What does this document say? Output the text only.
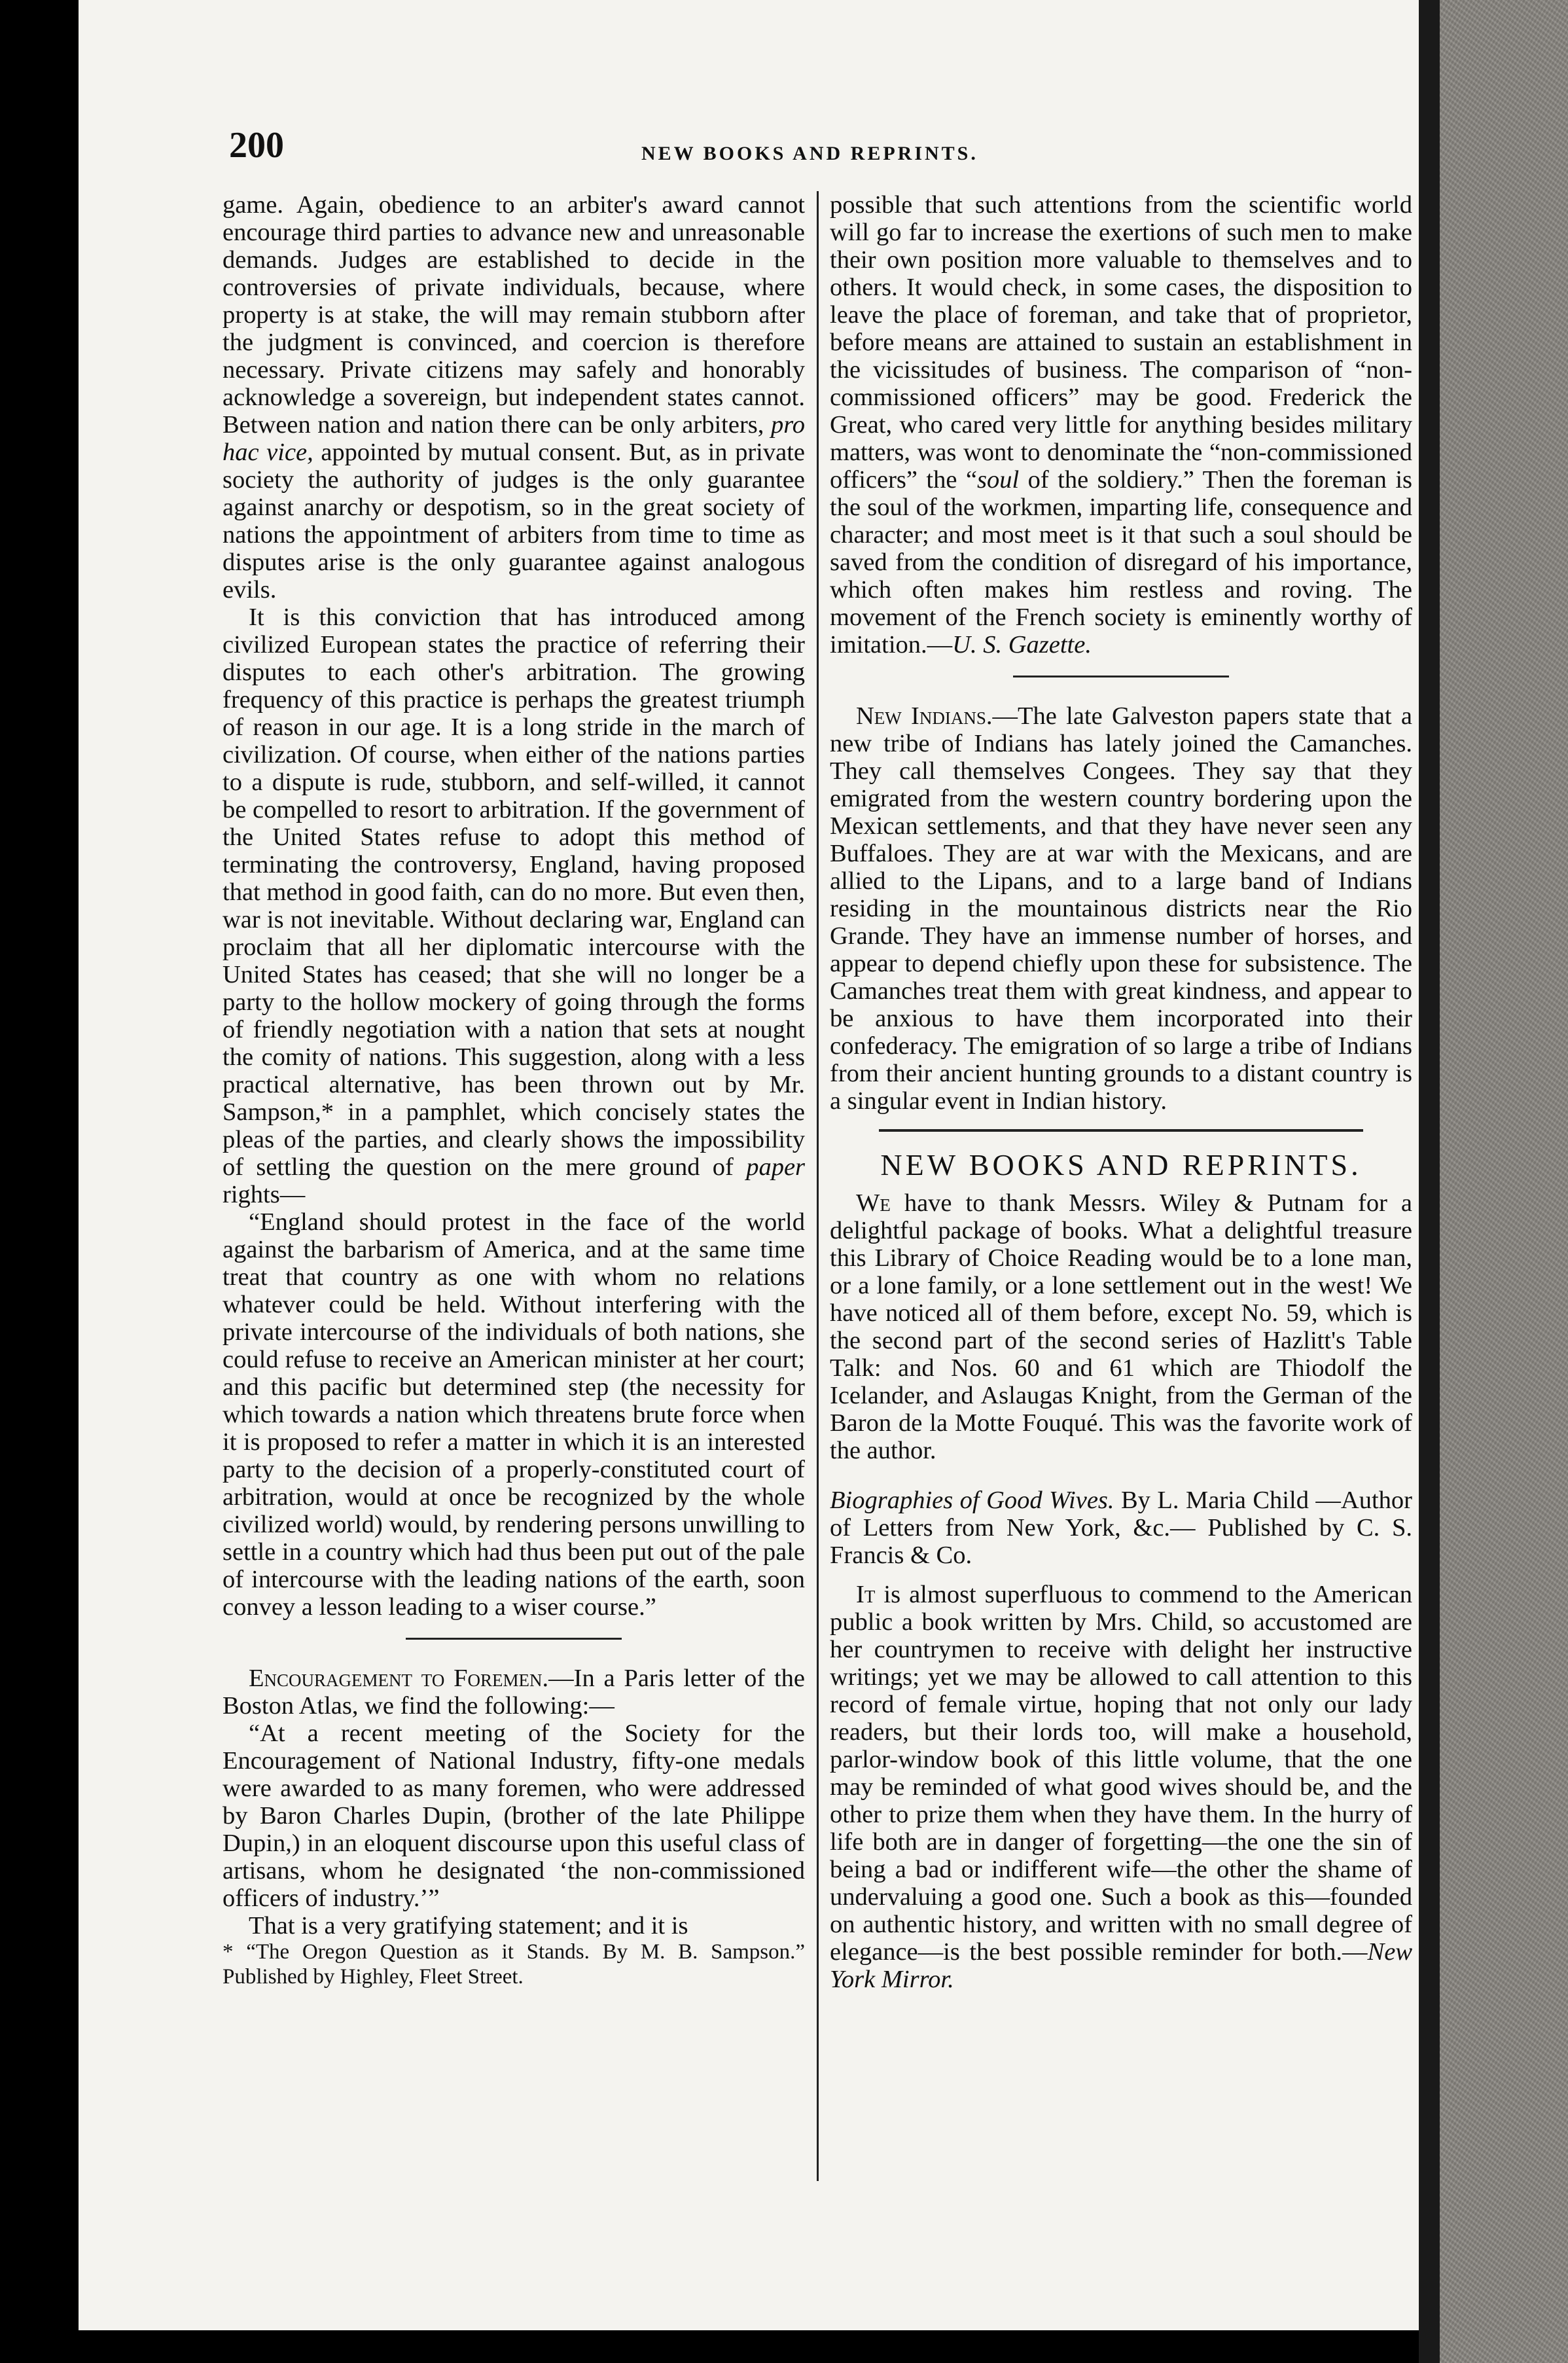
200	NEW BOOKS AND REPRINTS.

game. Again, obedience to an arbiter's award cannot encourage third parties to advance new and unreasonable demands. Judges are established to decide in the controversies of private individuals, because, where property is at stake, the will may remain stubborn after the judgment is convinced, and coercion is therefore necessary. Private citizens may safely and honorably acknowledge a sovereign, but independent states cannot. Between nation and nation there can be only arbiters, pro hac vice, appointed by mutual consent. But, as in private society the authority of judges is the only guarantee against anarchy or despotism, so in the great society of nations the appointment of arbiters from time to time as disputes arise is the only guarantee against analogous evils.

It is this conviction that has introduced among civilized European states the practice of referring their disputes to each other's arbitration. The growing frequency of this practice is perhaps the greatest triumph of reason in our age. It is a long stride in the march of civilization. Of course, when either of the nations parties to a dispute is rude, stubborn, and self-willed, it cannot be compelled to resort to arbitration. If the government of the United States refuse to adopt this method of terminating the controversy, England, having proposed that method in good faith, can do no more. But even then, war is not inevitable. Without declaring war, England can proclaim that all her diplomatic intercourse with the United States has ceased; that she will no longer be a party to the hollow mockery of going through the forms of friendly negotiation with a nation that sets at nought the comity of nations. This suggestion, along with a less practical alternative, has been thrown out by Mr. Sampson,* in a pamphlet, which concisely states the pleas of the parties, and clearly shows the impossibility of settling the question on the mere ground of paper rights—

“England should protest in the face of the world against the barbarism of America, and at the same time treat that country as one with whom no relations whatever could be held. Without interfering with the private intercourse of the individuals of both nations, she could refuse to receive an American minister at her court; and this pacific but determined step (the necessity for which towards a nation which threatens brute force when it is proposed to refer a matter in which it is an interested party to the decision of a properly-constituted court of arbitration, would at once be recognized by the whole civilized world) would, by rendering persons unwilling to settle in a country which had thus been put out of the pale of intercourse with the leading nations of the earth, soon convey a lesson leading to a wiser course.”

Encouragement to Foremen.—In a Paris letter of the Boston Atlas, we find the following:—

“At a recent meeting of the Society for the Encouragement of National Industry, fifty-one medals were awarded to as many foremen, who were addressed by Baron Charles Dupin, (brother of the late Philippe Dupin,) in an eloquent discourse upon this useful class of artisans, whom he designated ‘the non-commissioned officers of industry.’”

That is a very gratifying statement; and it is

* “The Oregon Question as it Stands. By M. B. Sampson.” Published by Highley, Fleet Street.

possible that such attentions from the scientific world will go far to increase the exertions of such men to make their own position more valuable to themselves and to others. It would check, in some cases, the disposition to leave the place of foreman, and take that of proprietor, before means are attained to sustain an establishment in the vicissitudes of business. The comparison of “non-commissioned officers” may be good. Frederick the Great, who cared very little for anything besides military matters, was wont to denominate the “non-commissioned officers” the “soul of the soldiery.” Then the foreman is the soul of the workmen, imparting life, consequence and character; and most meet is it that such a soul should be saved from the condition of disregard of his importance, which often makes him restless and roving. The movement of the French society is eminently worthy of imitation.—U. S. Gazette.

New Indians.—The late Galveston papers state that a new tribe of Indians has lately joined the Camanches. They call themselves Congees. They say that they emigrated from the western country bordering upon the Mexican settlements, and that they have never seen any Buffaloes. They are at war with the Mexicans, and are allied to the Lipans, and to a large band of Indians residing in the mountainous districts near the Rio Grande. They have an immense number of horses, and appear to depend chiefly upon these for subsistence. The Camanches treat them with great kindness, and appear to be anxious to have them incorporated into their confederacy. The emigration of so large a tribe of Indians from their ancient hunting grounds to a distant country is a singular event in Indian history.

NEW BOOKS AND REPRINTS.

We have to thank Messrs. Wiley & Putnam for a delightful package of books. What a delightful treasure this Library of Choice Reading would be to a lone man, or a lone family, or a lone settlement out in the west! We have noticed all of them before, except No. 59, which is the second part of the second series of Hazlitt's Table Talk: and Nos. 60 and 61 which are Thiodolf the Icelander, and Aslaugas Knight, from the German of the Baron de la Motte Fouqué. This was the favorite work of the author.

Biographies of Good Wives. By L. Maria Child —Author of Letters from New York, &c.— Published by C. S. Francis & Co.

It is almost superfluous to commend to the American public a book written by Mrs. Child, so accustomed are her countrymen to receive with delight her instructive writings; yet we may be allowed to call attention to this record of female virtue, hoping that not only our lady readers, but their lords too, will make a household, parlor-window book of this little volume, that the one may be reminded of what good wives should be, and the other to prize them when they have them. In the hurry of life both are in danger of forgetting—the one the sin of being a bad or indifferent wife—the other the shame of undervaluing a good one. Such a book as this—founded on authentic history, and written with no small degree of elegance—is the best possible reminder for both.—New York Mirror.
